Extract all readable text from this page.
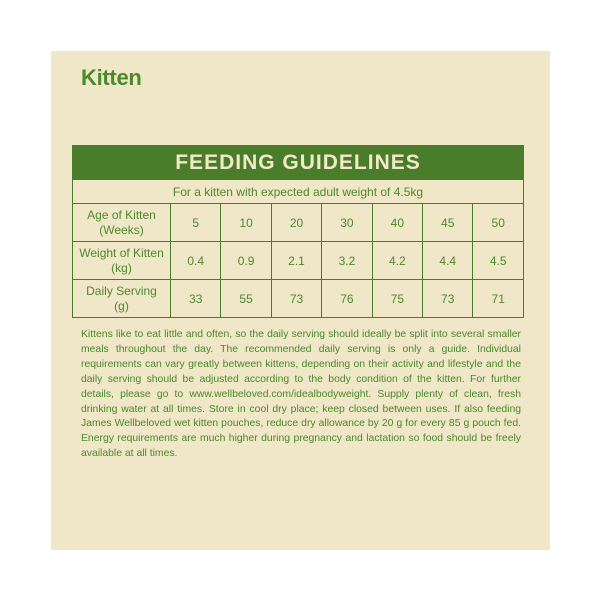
Kitten
FEEDING GUIDELINES							
For a kitten with expected adult weight of 4.5kg							
Age of Kitten
(Weeks)	5	10	20	30	40	45	50
Weight of Kitten
(kg)	0.4	0.9	2.1	3.2	4.2	4.4	4.5
Daily Serving
(g)	33	55	73	76	75	73	71

Kittens like to eat little and often, so the daily serving should ideally be split into several smaller meals throughout the day. The recommended daily serving is only a guide. Individual requirements can vary greatly between kittens, depending on their activity and lifestyle and the daily serving should be adjusted according to the body condition of the kitten. For further details, please go to www.wellbeloved.com/idealbodyweight. Supply plenty of clean, fresh drinking water at all times. Store in cool dry place; keep closed between uses. If also feeding James Wellbeloved wet kitten pouches, reduce dry allowance by 20 g for every 85 g pouch fed. Energy requirements are much higher during pregnancy and lactation so food should be freely available at all times.
